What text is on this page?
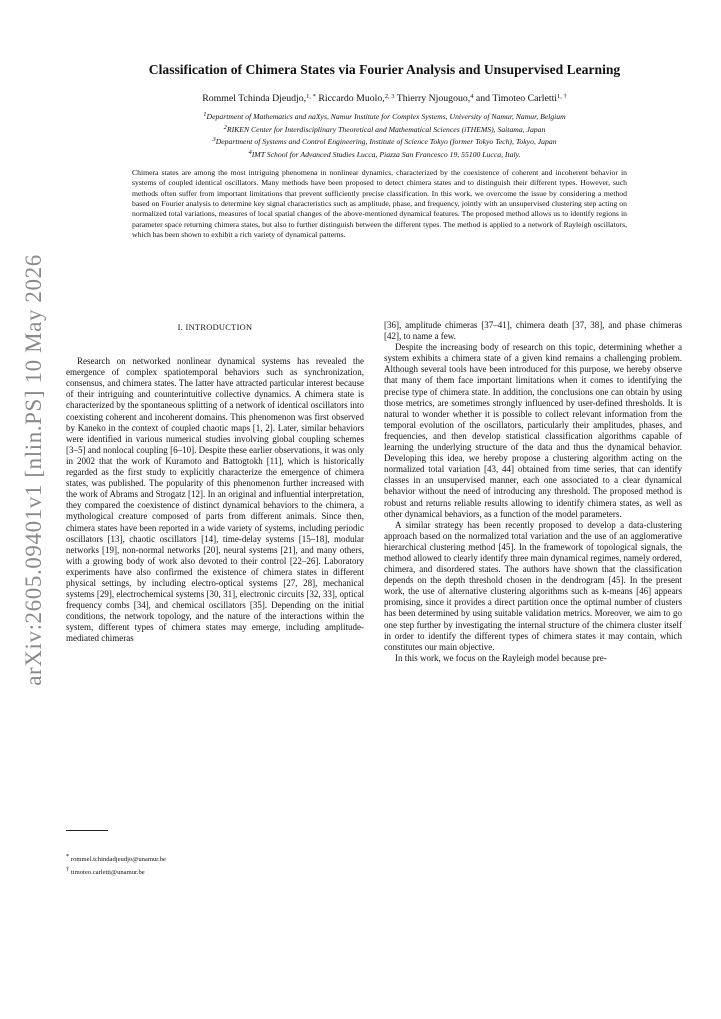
arXiv:2605.09401v1 [nlin.PS] 10 May 2026
Classification of Chimera States via Fourier Analysis and Unsupervised Learning
Rommel Tchinda Djeudjo,$^{1, *}$ Riccardo Muolo,$^{2, 3}$ Thierry Njougouo,$^4$ and Timoteo Carletti$^{1, \dagger}$
$^1$Department of Mathematics and naXys, Namur Institute for Complex Systems, University of Namur, Namur, Belgium
$^2$RIKEN Center for Interdisciplinary Theoretical and Mathematical Sciences (iTHEMS), Saitama, Japan
$^3$Department of Systems and Control Engineering, Institute of Science Tokyo (former Tokyo Tech), Tokyo, Japan
$^4$IMT School for Advanced Studies Lucca, Piazza San Francesco 19, 55100 Lucca, Italy.
Chimera states are among the most intriguing phenomena in nonlinear dynamics, characterized by the coexistence of coherent and incoherent behavior in systems of coupled identical oscillators. Many methods have been proposed to detect chimera states and to distinguish their different types. However, such methods often suffer from important limitations that prevent sufficiently precise classification. In this work, we overcome the issue by considering a method based on Fourier analysis to determine key signal characteristics such as amplitude, phase, and frequency, jointly with an unsupervised clustering step acting on normalized total variations, measures of local spatial changes of the above-mentioned dynamical features. The proposed method allows us to identify regions in parameter space returning chimera states, but also to further distinguish between the different types. The method is applied to a network of Rayleigh oscillators, which has been shown to exhibit a rich variety of dynamical patterns.
I. INTRODUCTION

Research on networked nonlinear dynamical systems has revealed the emergence of complex spatiotemporal behaviors such as synchronization, consensus, and chimera states. The latter have attracted particular interest because of their intriguing and counterintuitive collective dynamics. A chimera state is characterized by the spontaneous splitting of a network of identical oscillators into coexisting coherent and incoherent domains. This phenomenon was first observed by Kaneko in the context of coupled chaotic maps [1, 2]. Later, similar behaviors were identified in various numerical studies involving global coupling schemes [3–5] and nonlocal coupling [6–10]. Despite these earlier observations, it was only in 2002 that the work of Kuramoto and Battogtokh [11], which is historically regarded as the first study to explicitly characterize the emergence of chimera states, was published. The popularity of this phenomenon further increased with the work of Abrams and Strogatz [12]. In an original and influential interpretation, they compared the coexistence of distinct dynamical behaviors to the chimera, a mythological creature composed of parts from different animals. Since then, chimera states have been reported in a wide variety of systems, including periodic oscillators [13], chaotic oscillators [14], time-delay systems [15–18], modular networks [19], non-normal networks [20], neural systems [21], and many others, with a growing body of work also devoted to their control [22–26]. Laboratory experiments have also confirmed the existence of chimera states in different physical settings, by including electro-optical systems [27, 28], mechanical systems [29], electrochemical systems [30, 31], electronic circuits [32, 33], optical frequency combs [34], and chemical oscillators [35]. Depending on the initial conditions, the network topology, and the nature of the interactions within the system, different types of chimera states may emerge, including amplitude-mediated chimeras

[36], amplitude chimeras [37–41], chimera death [37, 38], and phase chimeras [42], to name a few.

Despite the increasing body of research on this topic, determining whether a system exhibits a chimera state of a given kind remains a challenging problem. Although several tools have been introduced for this purpose, we hereby observe that many of them face important limitations when it comes to identifying the precise type of chimera state. In addition, the conclusions one can obtain by using those metrics, are sometimes strongly influenced by user-defined thresholds. It is natural to wonder whether it is possible to collect relevant information from the temporal evolution of the oscillators, particularly their amplitudes, phases, and frequencies, and then develop statistical classification algorithms capable of learning the underlying structure of the data and thus the dynamical behavior. Developing this idea, we hereby propose a clustering algorithm acting on the normalized total variation [43, 44] obtained from time series, that can identify classes in an unsupervised manner, each one associated to a clear dynamical behavior without the need of introducing any threshold. The proposed method is robust and returns reliable results allowing to identify chimera states, as well as other dynamical behaviors, as a function of the model parameters.

A similar strategy has been recently proposed to develop a data-clustering approach based on the normalized total variation and the use of an agglomerative hierarchical clustering method [45]. In the framework of topological signals, the method allowed to clearly identify three main dynamical regimes, namely ordered, chimera, and disordered states. The authors have shown that the classification depends on the depth threshold chosen in the dendrogram [45]. In the present work, the use of alternative clustering algorithms such as k-means [46] appears promising, since it provides a direct partition once the optimal number of clusters has been determined by using suitable validation metrics. Moreover, we aim to go one step further by investigating the internal structure of the chimera cluster itself in order to identify the different types of chimera states it may contain, which constitutes our main objective.

In this work, we focus on the Rayleigh model because pre-

* rommel.tchindadjeudjo@unamur.be
† timoteo.carletti@unamur.be
